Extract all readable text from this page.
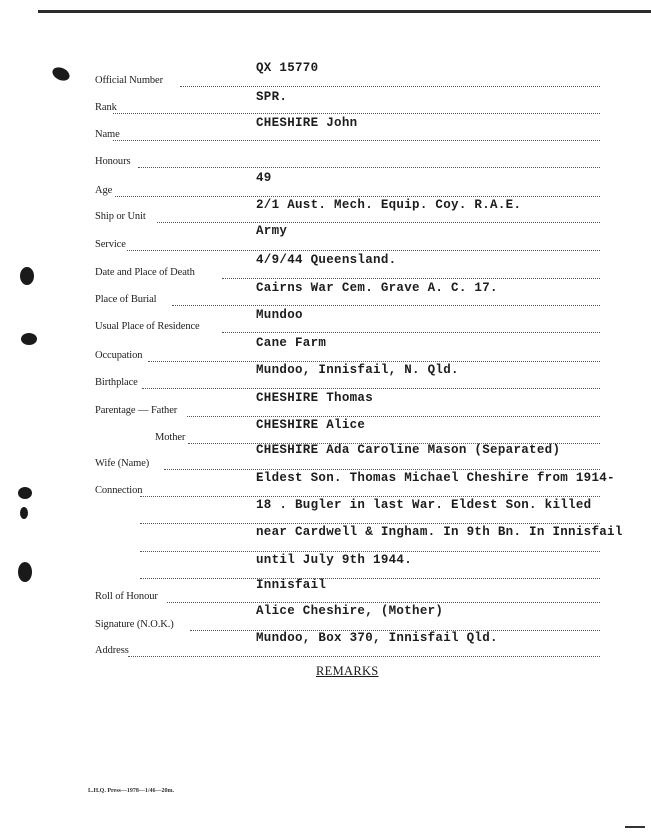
Official Number
QX 15770
Rank
SPR.
Name
CHESHIRE John
Honours
Age
49
Ship or Unit
2/1 Aust. Mech. Equip. Coy. R.A.E.
Service
Army
Date and Place of Death
4/9/44 Queensland.
Place of Burial
Cairns War Cem. Grave A. C. 17.
Usual Place of Residence
Mundoo
Occupation
Cane Farm
Birthplace
Mundoo, Innisfail, N. Qld.
Parentage — Father
CHESHIRE Thomas
Mother
CHESHIRE Alice
Wife (Name)
CHESHIRE Ada Caroline Mason (Separated)
Connection
Eldest Son. Thomas Michael Cheshire from 1914-
18 . Bugler in last War. Eldest Son. killed
near Cardwell & Ingham. In 9th Bn. In Innisfail
until July 9th 1944.
Roll of Honour
Innisfail
Signature (N.O.K.)
Alice Cheshire, (Mother)
Address
Mundoo, Box 370, Innisfail Qld.
REMARKS
L.H.Q. Press—1978—1/46—20m.
